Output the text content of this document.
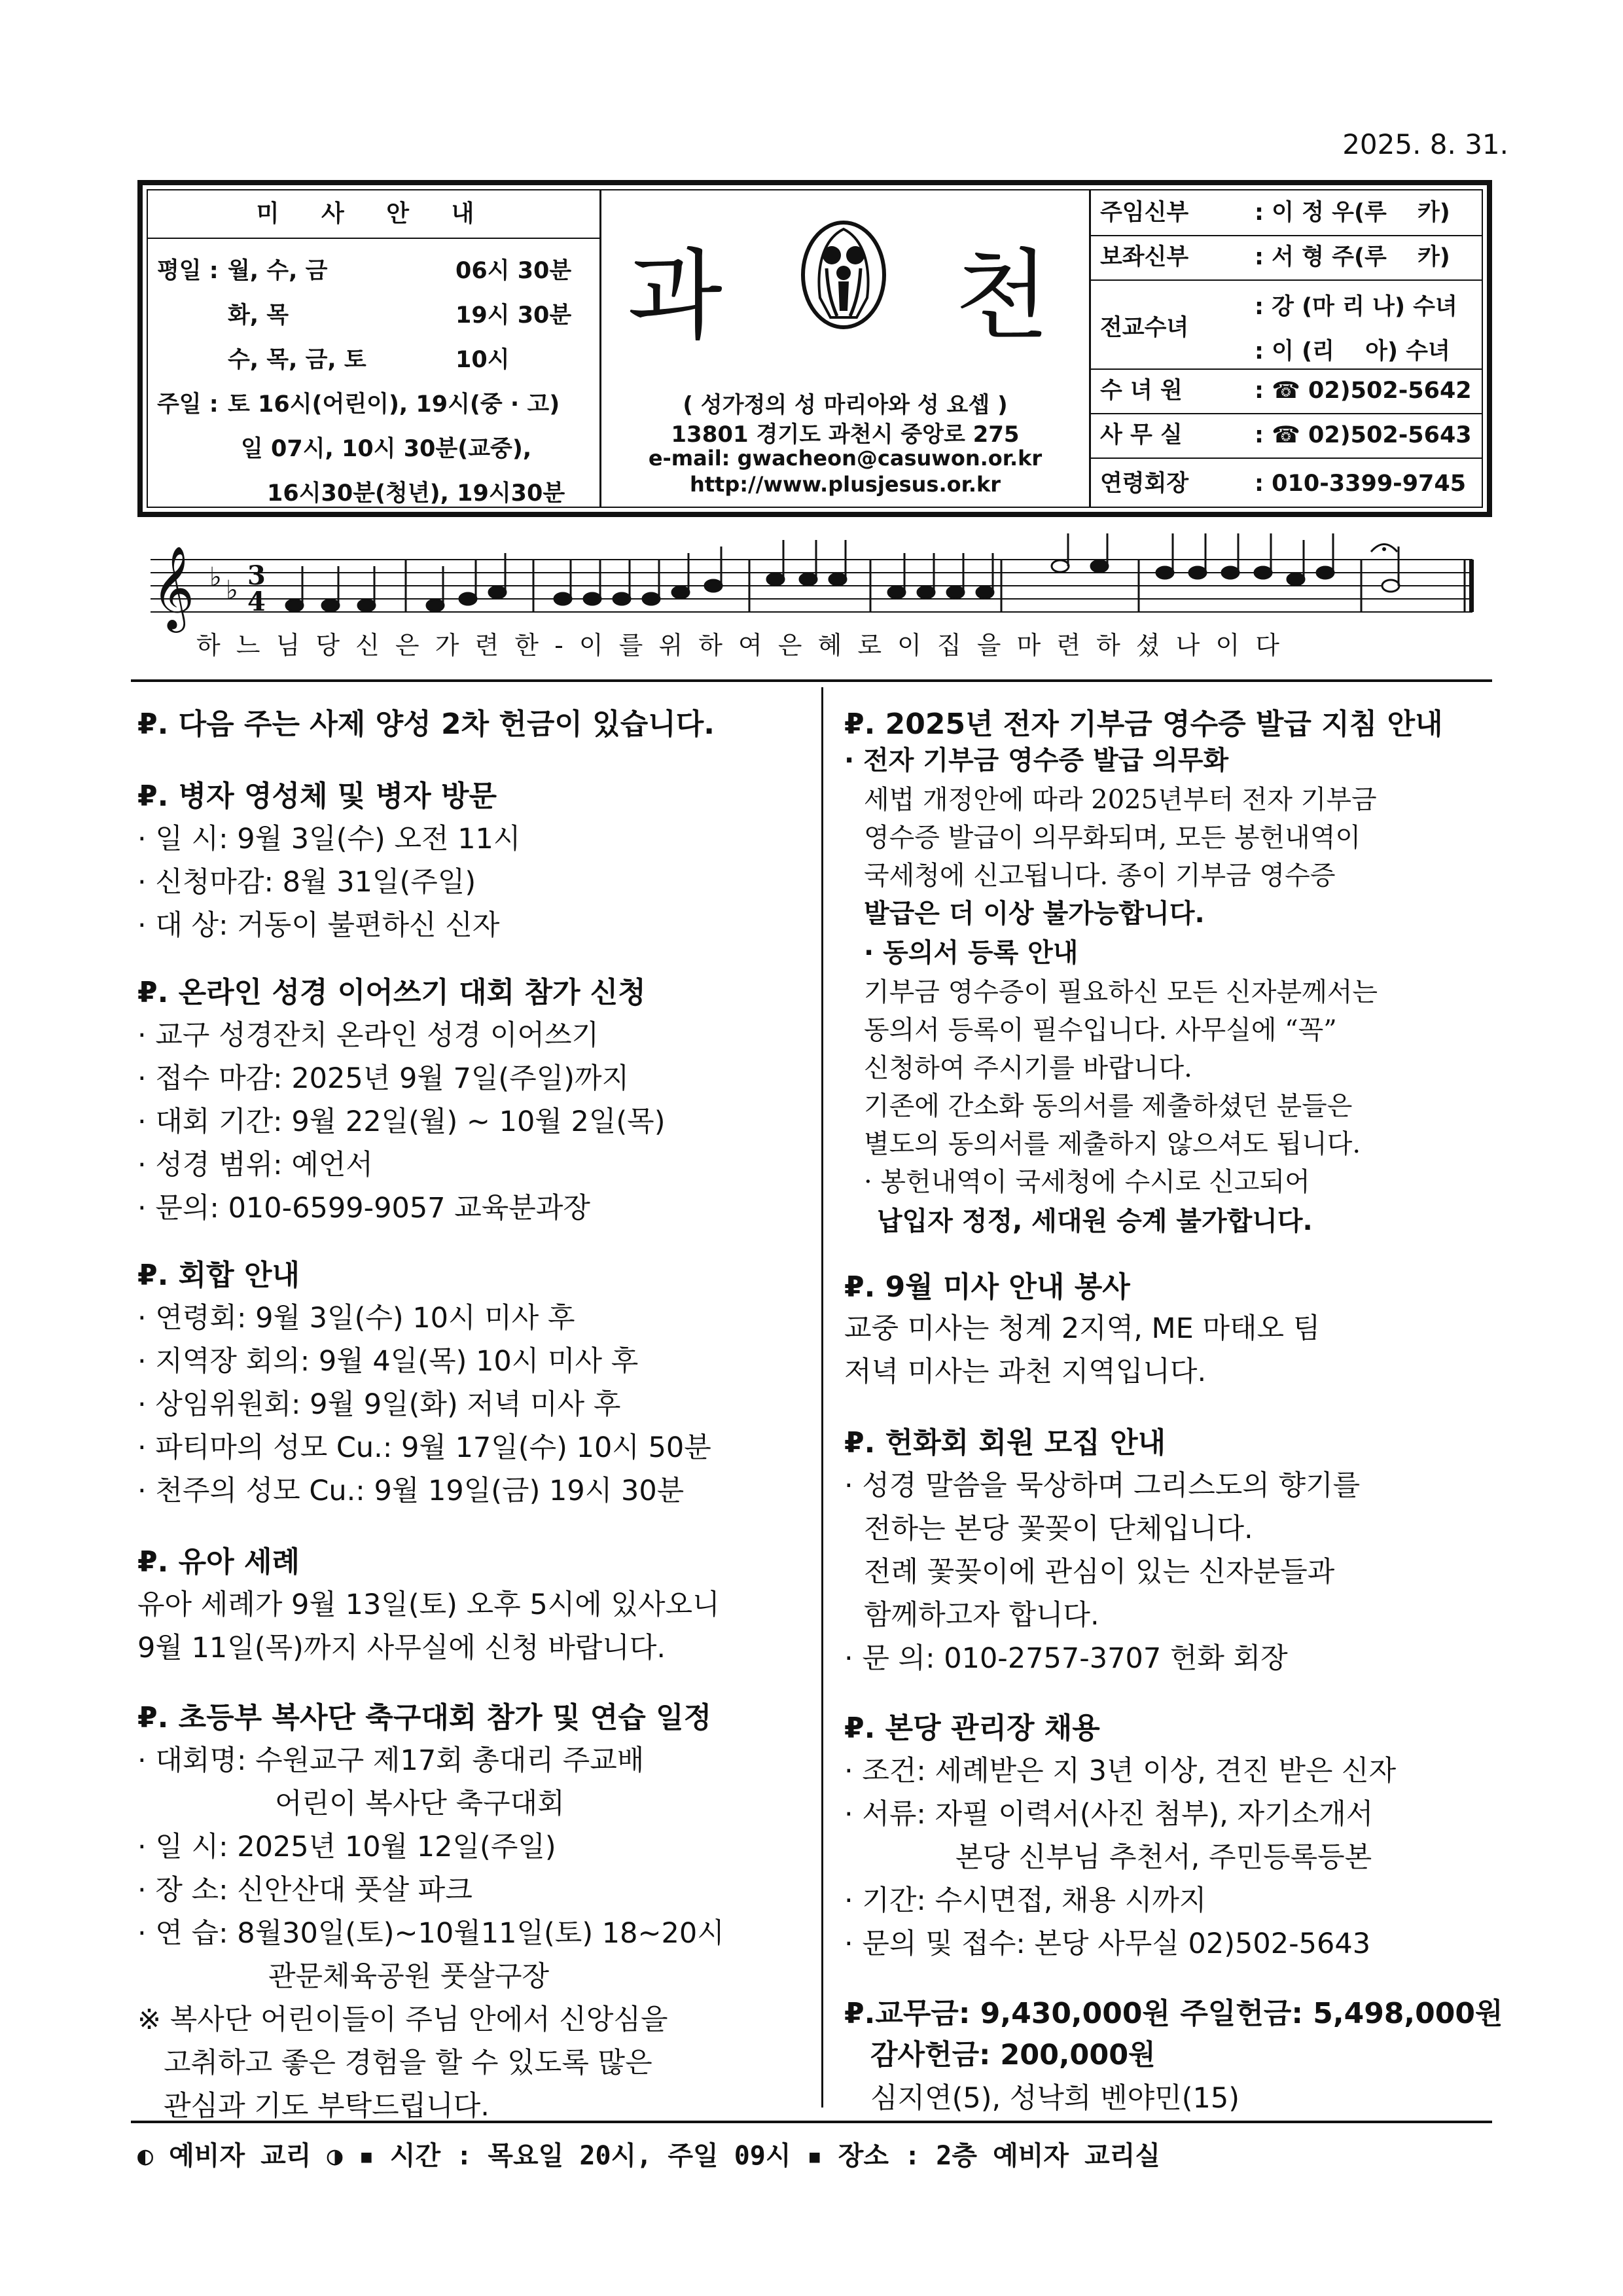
2025. 8. 31.
미 사 안 내
평일 : 월, 수, 금	06시 30분
화, 목	19시 30분
수, 목, 금, 토	10시
주일 : 토 16시(어린이), 19시(중 · 고)
일 07시, 10시 30분(교중),
16시30분(청년), 19시30분
과 천
( 성가정의 성 마리아와 성 요셉 )
13801 경기도 과천시 중앙로 275
e-mail: gwacheon@casuwon.or.kr
http://www.plusjesus.or.kr
주임신부	: 이 정 우(루　 카)
보좌신부	: 서 형 주(루　 카)
전교수녀
: 강 (마 리 나) 수녀
: 이 (리　 아) 수녀
수 녀 원	: ☎ 02)502-5642
사 무 실	: ☎ 02)502-5643
연령회장	: 010-3399-9745
𝄞 ♭ ♭ 3
4
하 느 님 당 신 은 가 련 한 - 이 를 위 하 여 은 혜 로 이 집 을 마 련 하 셨 나 이 다
₽. 다음 주는 사제 양성 2차 헌금이 있습니다.
₽. 병자 영성체 및 병자 방문
· 일 시: 9월 3일(수) 오전 11시
· 신청마감: 8월 31일(주일)
· 대 상: 거동이 불편하신 신자
₽. 온라인 성경 이어쓰기 대회 참가 신청
· 교구 성경잔치 온라인 성경 이어쓰기
· 접수 마감: 2025년 9월 7일(주일)까지
· 대회 기간: 9월 22일(월) ~ 10월 2일(목)
· 성경 범위: 예언서
· 문의: 010-6599-9057 교육분과장
₽. 회합 안내
· 연령회: 9월 3일(수) 10시 미사 후
· 지역장 회의: 9월 4일(목) 10시 미사 후
· 상임위원회: 9월 9일(화) 저녁 미사 후
· 파티마의 성모 Cu.: 9월 17일(수) 10시 50분
· 천주의 성모 Cu.: 9월 19일(금) 19시 30분
₽. 유아 세례
유아 세례가 9월 13일(토) 오후 5시에 있사오니
9월 11일(목)까지 사무실에 신청 바랍니다.
₽. 초등부 복사단 축구대회 참가 및 연습 일정
· 대회명: 수원교구 제17회 총대리 주교배
어린이 복사단 축구대회
· 일 시: 2025년 10월 12일(주일)
· 장 소: 신안산대 풋살 파크
· 연 습: 8월30일(토)~10월11일(토) 18~20시
관문체육공원 풋살구장
※ 복사단 어린이들이 주님 안에서 신앙심을
고취하고 좋은 경험을 할 수 있도록 많은
관심과 기도 부탁드립니다.
₽. 2025년 전자 기부금 영수증 발급 지침 안내
· 전자 기부금 영수증 발급 의무화
세법 개정안에 따라 2025년부터 전자 기부금
영수증 발급이 의무화되며, 모든 봉헌내역이
국세청에 신고됩니다. 종이 기부금 영수증
발급은 더 이상 불가능합니다.
· 동의서 등록 안내
기부금 영수증이 필요하신 모든 신자분께서는
동의서 등록이 필수입니다. 사무실에 “꼭”
신청하여 주시기를 바랍니다.
기존에 간소화 동의서를 제출하셨던 분들은
별도의 동의서를 제출하지 않으셔도 됩니다.
· 봉헌내역이 국세청에 수시로 신고되어
납입자 정정, 세대원 승계 불가합니다.
₽. 9월 미사 안내 봉사
교중 미사는 청계 2지역, ME 마태오 팀
저녁 미사는 과천 지역입니다.
₽. 헌화회 회원 모집 안내
· 성경 말씀을 묵상하며 그리스도의 향기를
전하는 본당 꽃꽂이 단체입니다.
전례 꽃꽂이에 관심이 있는 신자분들과
함께하고자 합니다.
· 문 의: 010-2757-3707 헌화 회장
₽. 본당 관리장 채용
· 조건: 세례받은 지 3년 이상, 견진 받은 신자
· 서류: 자필 이력서(사진 첨부), 자기소개서
본당 신부님 추천서, 주민등록등본
· 기간: 수시면접, 채용 시까지
· 문의 및 접수: 본당 사무실 02)502-5643
₽.교무금: 9,430,000원 주일헌금: 5,498,000원
감사헌금: 200,000원
심지연(5), 성낙희 벤야민(15)
◐ 예비자 교리 ◑ ▪ 시간 : 목요일 20시, 주일 09시 ▪ 장소 : 2층 예비자 교리실
